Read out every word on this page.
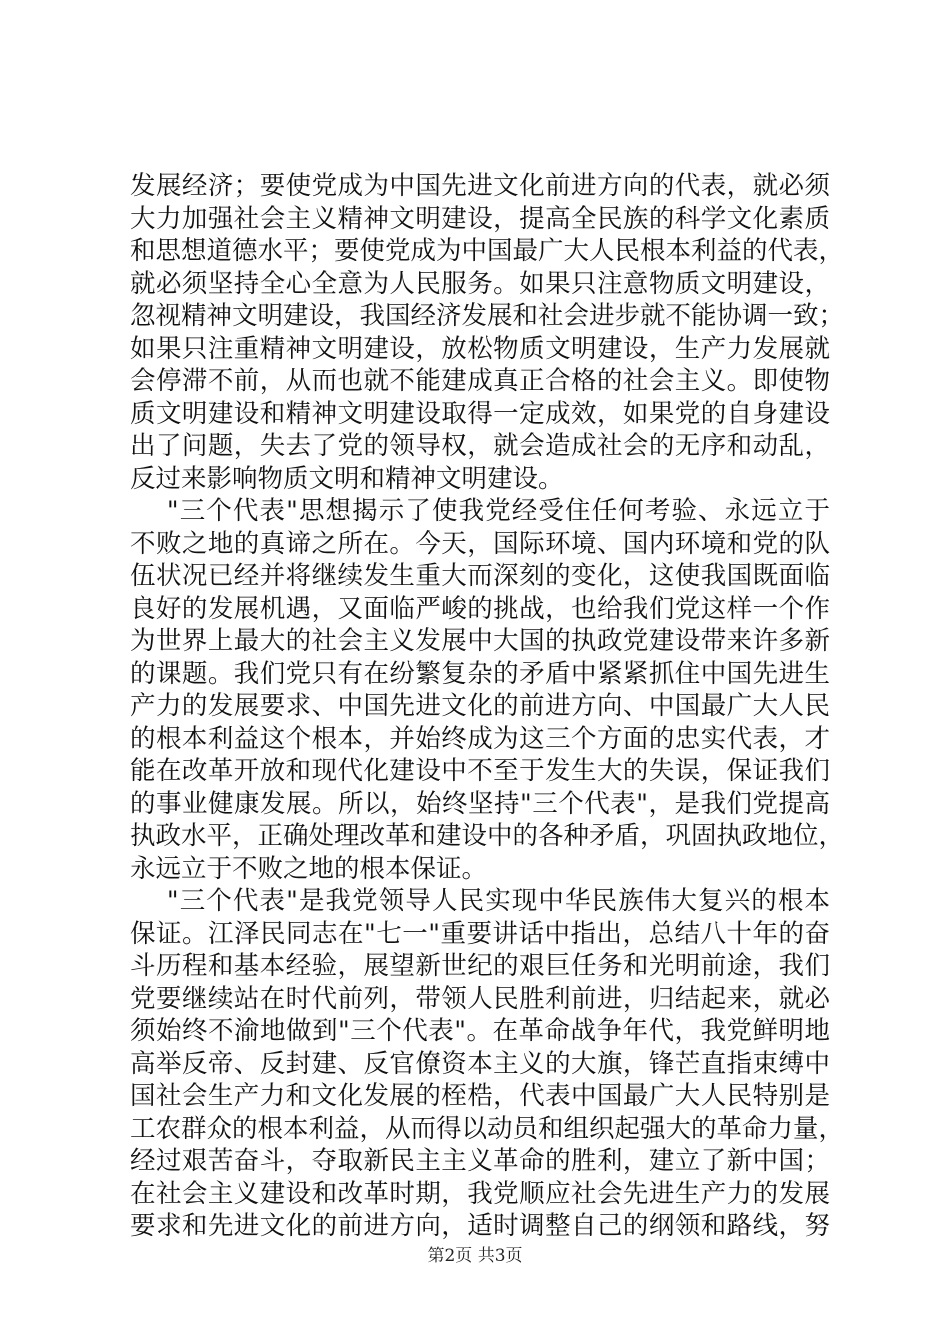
发展经济；要使党成为中国先进文化前进方向的代表，就必须
大力加强社会主义精神文明建设，提高全民族的科学文化素质
和思想道德水平；要使党成为中国最广大人民根本利益的代表，
就必须坚持全心全意为人民服务。如果只注意物质文明建设，
忽视精神文明建设，我国经济发展和社会进步就不能协调一致；
如果只注重精神文明建设，放松物质文明建设，生产力发展就
会停滞不前，从而也就不能建成真正合格的社会主义。即使物
质文明建设和精神文明建设取得一定成效，如果党的自身建设
出了问题，失去了党的领导权，就会造成社会的无序和动乱，
反过来影响物质文明和精神文明建设。
"三个代表"思想揭示了使我党经受住任何考验、永远立于
不败之地的真谛之所在。今天，国际环境、国内环境和党的队
伍状况已经并将继续发生重大而深刻的变化，这使我国既面临
良好的发展机遇，又面临严峻的挑战，也给我们党这样一个作
为世界上最大的社会主义发展中大国的执政党建设带来许多新
的课题。我们党只有在纷繁复杂的矛盾中紧紧抓住中国先进生
产力的发展要求、中国先进文化的前进方向、中国最广大人民
的根本利益这个根本，并始终成为这三个方面的忠实代表，才
能在改革开放和现代化建设中不至于发生大的失误，保证我们
的事业健康发展。所以，始终坚持"三个代表"，是我们党提高
执政水平，正确处理改革和建设中的各种矛盾，巩固执政地位，
永远立于不败之地的根本保证。
"三个代表"是我党领导人民实现中华民族伟大复兴的根本
保证。江泽民同志在"七一"重要讲话中指出，总结八十年的奋
斗历程和基本经验，展望新世纪的艰巨任务和光明前途，我们
党要继续站在时代前列，带领人民胜利前进，归结起来，就必
须始终不渝地做到"三个代表"。在革命战争年代，我党鲜明地
高举反帝、反封建、反官僚资本主义的大旗，锋芒直指束缚中
国社会生产力和文化发展的桎梏，代表中国最广大人民特别是
工农群众的根本利益，从而得以动员和组织起强大的革命力量，
经过艰苦奋斗，夺取新民主主义革命的胜利，建立了新中国；
在社会主义建设和改革时期，我党顺应社会先进生产力的发展
要求和先进文化的前进方向，适时调整自己的纲领和路线，努
第2页 共3页
